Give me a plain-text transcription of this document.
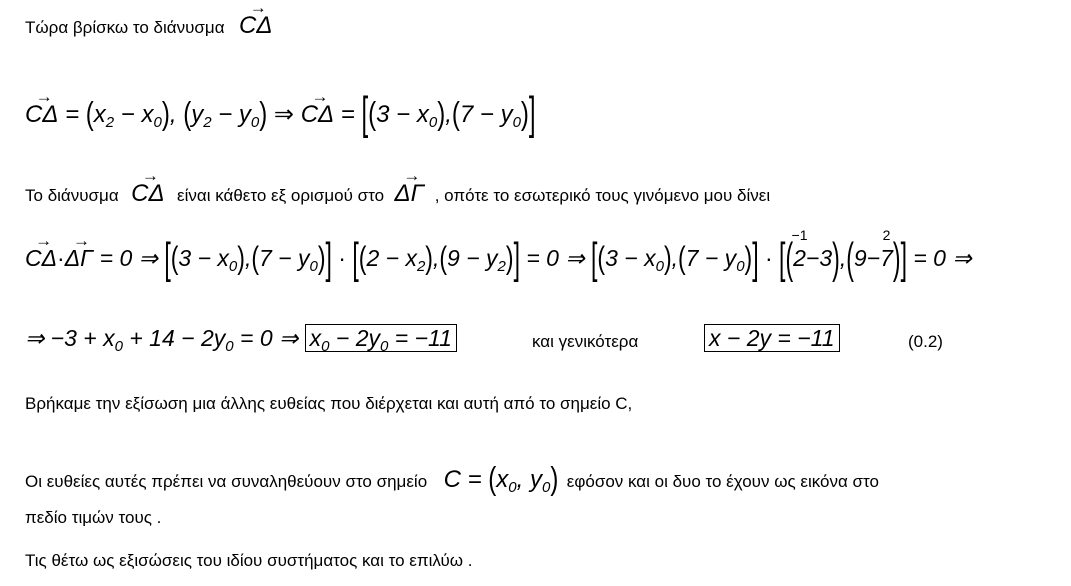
Τώρα βρίσκω το διάνυσμα → CΔ
→ $C\Delta = (x_2 - x_0)$, $(y_2 - y_0)$ ⇒ → $C\Delta = [(3 - x_0),(7 - y_0)]$
Το διάνυσμα → CΔ είναι κάθετο εξ ορισμού στο → ΔΓ , οπότε το εσωτερικό τους γινόμενο μου δίνει
→ CΔ·→ ΔΓ = 0 ⇒ $[(3 - x_0),(7 - y_0)] \cdot [(2 - x_2),(9 - y_2)] = 0$ ⇒ $[(3 - x_0),(7 - y_0)] \cdot [(2$
−1
−3),(9−
2
7)] = 0 ⇒
⇒ $-3 + x_0 + 14 - 2y_0 = 0$ ⇒ $x_0 - 2y_0 = -11$	και γενικότερα	x − 2y = −11	(0.2)
Βρήκαμε την εξίσωση μια άλλης ευθείας που διέρχεται και αυτή από το σημείο C,
Οι ευθείες αυτές πρέπει να συναληθεύουν στο σημείο $C = (x_0$, $y_0$) εφόσον και οι δυο το έχουν ως εικόνα στο
πεδίο τιμών τους .
Τις θέτω ως εξισώσεις του ιδίου συστήματος και το επιλύω .
